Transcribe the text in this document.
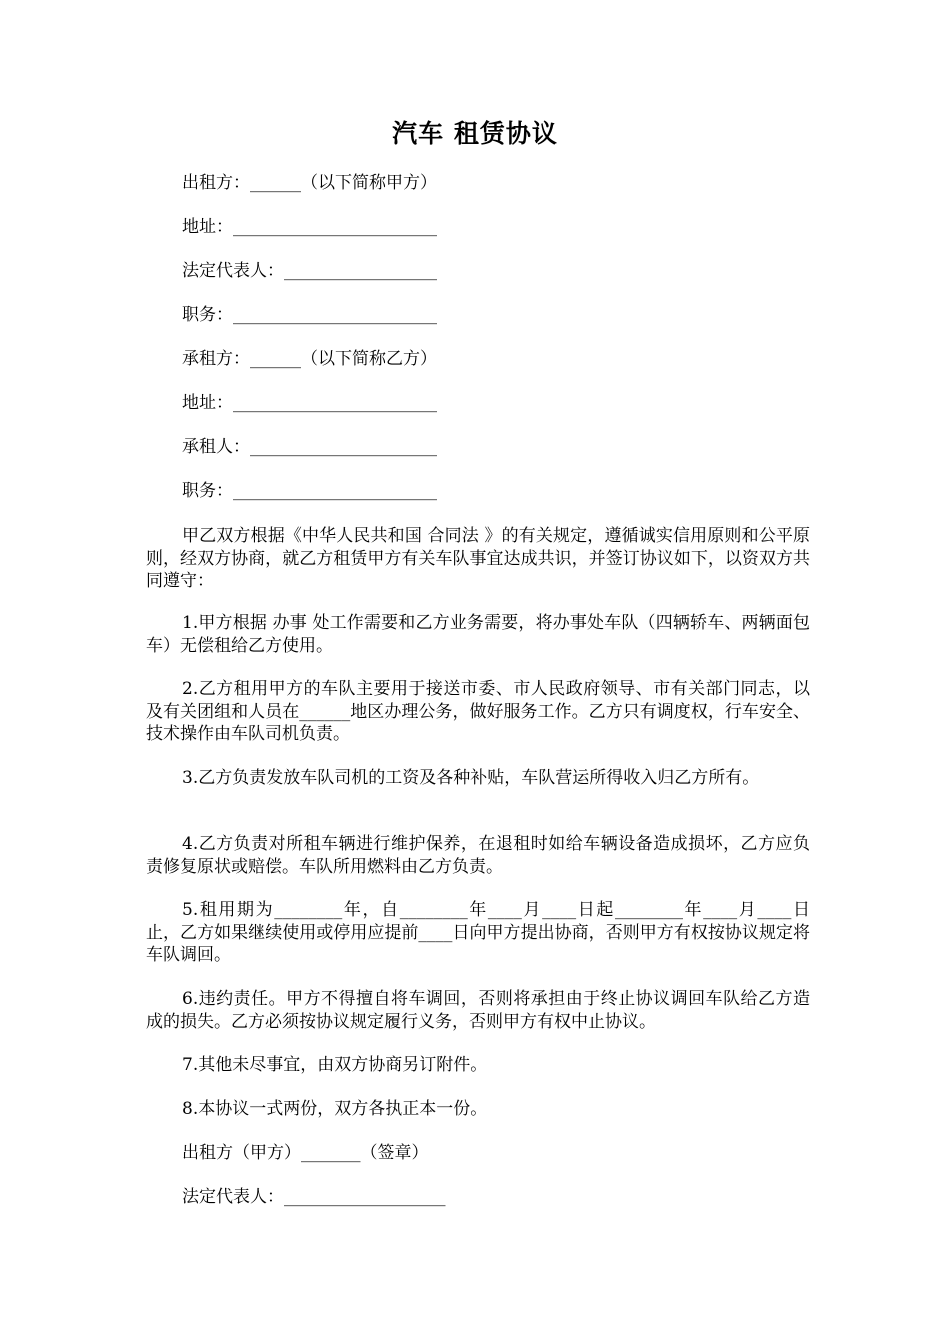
汽车 租赁协议
出租方：______（以下简称甲方）
地址：________________________
法定代表人：__________________
职务：________________________
承租方：______（以下简称乙方）
地址：________________________
承租人：______________________
职务：________________________

甲乙双方根据《中华人民共和国 合同法 》的有关规定，遵循诚实信用原则和公平原则，经双方协商，就乙方租赁甲方有关车队事宜达成共识，并签订协议如下，以资双方共同遵守：

1.甲方根据 办事 处工作需要和乙方业务需要，将办事处车队（四辆轿车、两辆面包车）无偿租给乙方使用。

2.乙方租用甲方的车队主要用于接送市委、市人民政府领导、市有关部门同志，以及有关团组和人员在______地区办理公务，做好服务工作。乙方只有调度权，行车安全、技术操作由车队司机负责。

3.乙方负责发放车队司机的工资及各种补贴，车队营运所得收入归乙方所有。

4.乙方负责对所租车辆进行维护保养，在退租时如给车辆设备造成损坏，乙方应负责修复原状或赔偿。车队所用燃料由乙方负责。

5.租用期为________年，自________年____月____日起________年____月____日止，乙方如果继续使用或停用应提前____日向甲方提出协商，否则甲方有权按协议规定将车队调回。

6.违约责任。甲方不得擅自将车调回，否则将承担由于终止协议调回车队给乙方造成的损失。乙方必须按协议规定履行义务，否则甲方有权中止协议。

7.其他未尽事宜，由双方协商另订附件。
8.本协议一式两份，双方各执正本一份。
出租方（甲方）_______（签章）
法定代表人：___________________
